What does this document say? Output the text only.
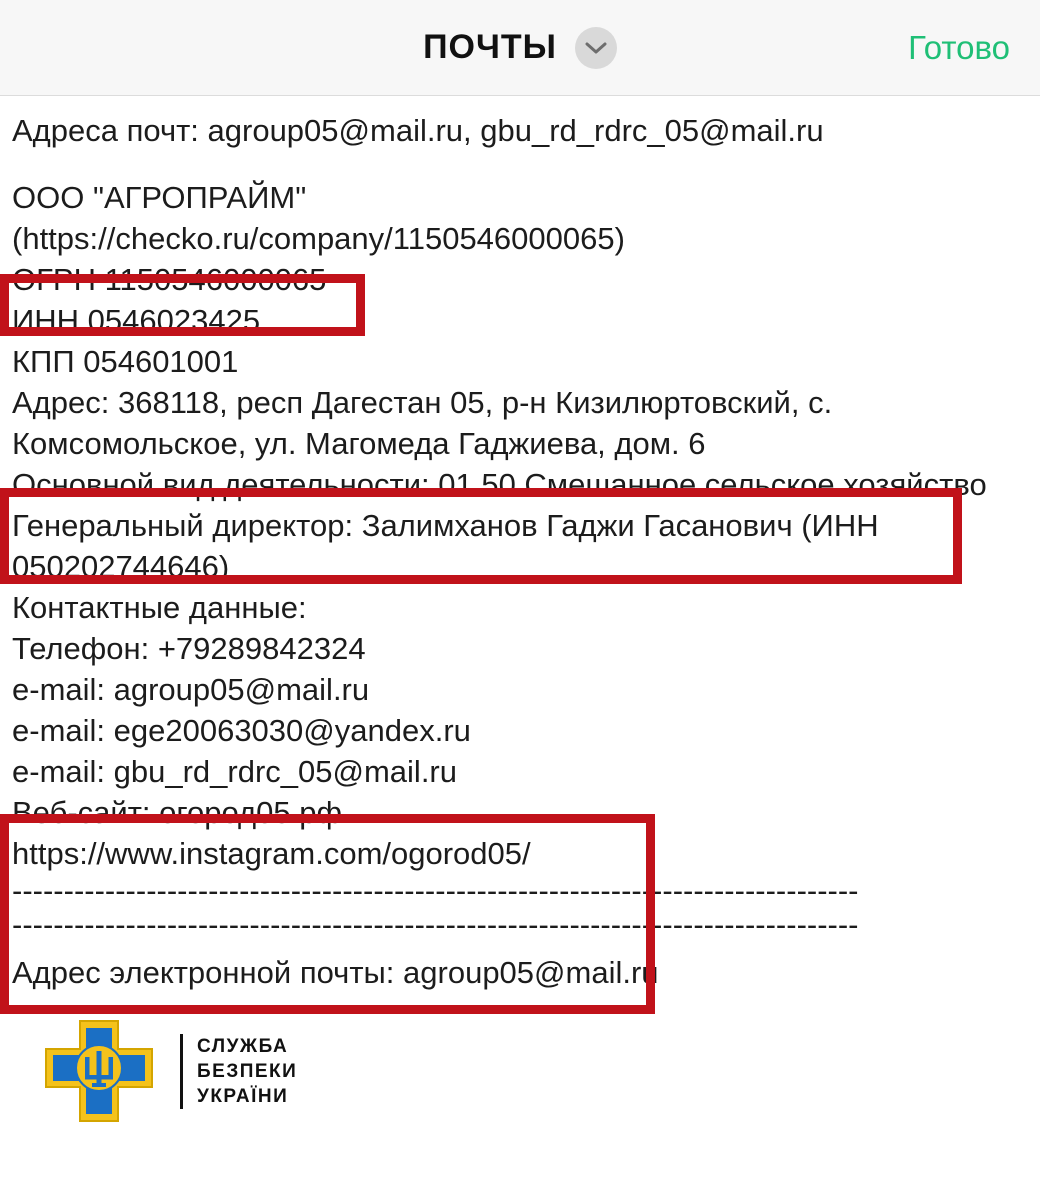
ПОЧТЫ	Готово
Адреса почт: agroup05@mail.ru, gbu_rd_rdrc_05@mail.ru
ООО "АГРОПРАЙМ"
(https://checko.ru/company/1150546000065)
ОГРН 1150546000065
ИНН 0546023425
КПП 054601001
Адрес: 368118, респ Дагестан 05, р-н Кизилюртовский, с. Комсомольское, ул. Магомеда Гаджиева, дом. 6
Основной вид деятельности: 01.50 Смешанное сельское хозяйство
Генеральный директор: Залимханов Гаджи Гасанович (ИНН 050202744646)
Контактные данные:
Телефон: +79289842324
e-mail: agroup05@mail.ru
e-mail: ege20063030@yandex.ru
e-mail: gbu_rd_rdrc_05@mail.ru
Веб-сайт: огород05.рф
https://www.instagram.com/ogorod05/
----------------------------------------------------------------------------------
----------------------------------------------------------------------------------
Адрес электронной почты: agroup05@mail.ru
СЛУЖБА
БЕЗПЕКИ
УКРАЇНИ
